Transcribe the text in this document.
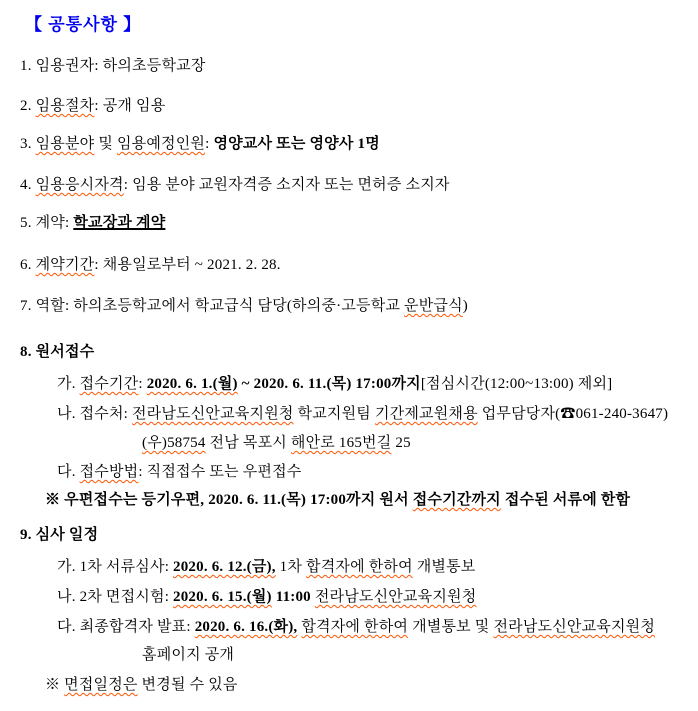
【 공통사항 】
1. 임용권자: 하의초등학교장
2. 임용절차: 공개 임용
3. 임용분야 및 임용예정인원: 영양교사 또는 영양사 1명
4. 임용응시자격: 임용 분야 교원자격증 소지자 또는 면허증 소지자
5. 계약: 학교장과 계약
6. 계약기간: 채용일로부터 ~ 2021. 2. 28.
7. 역할: 하의초등학교에서 학교급식 담당(하의중·고등학교 운반급식)
8. 원서접수
가. 접수기간: 2020. 6. 1.(월) ~ 2020. 6. 11.(목) 17:00까지[점심시간(12:00~13:00) 제외]
나. 접수처: 전라남도신안교육지원청 학교지원팀 기간제교원채용 업무담당자(☎061-240-3647)
(우)58754 전남 목포시 해안로 165번길 25
다. 접수방법: 직접접수 또는 우편접수
※ 우편접수는 등기우편, 2020. 6. 11.(목) 17:00까지 원서 접수기간까지 접수된 서류에 한함
9. 심사 일정
가. 1차 서류심사: 2020. 6. 12.(금), 1차 합격자에 한하여 개별통보
나. 2차 면접시험: 2020. 6. 15.(월) 11:00 전라남도신안교육지원청
다. 최종합격자 발표: 2020. 6. 16.(화), 합격자에 한하여 개별통보 및 전라남도신안교육지원청
홈페이지 공개
※ 면접일정은 변경될 수 있음
